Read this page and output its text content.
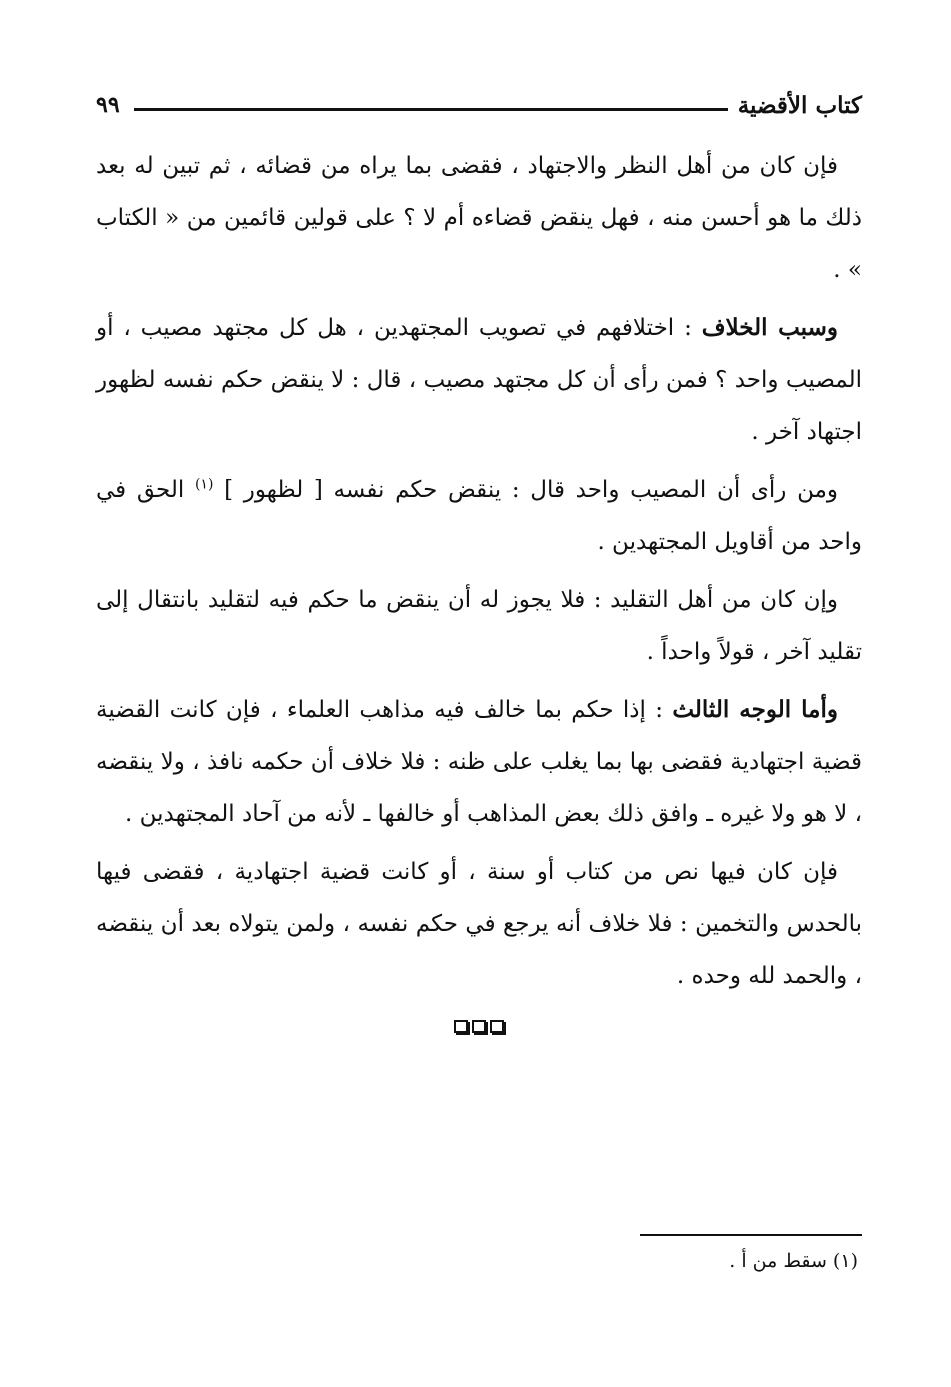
كتاب الأقضية
٩٩

فإن كان من أهل النظر والاجتهاد ، فقضى بما يراه من قضائه ، ثم تبين له بعد ذلك ما هو أحسن منه ، فهل ينقض قضاءه أم لا ؟ على قولين قائمين من « الكتاب » .

وسبب الخلاف : اختلافهم في تصويب المجتهدين ، هل كل مجتهد مصيب ، أو المصيب واحد ؟ فمن رأى أن كل مجتهد مصيب ، قال : لا ينقض حكم نفسه لظهور اجتهاد آخر .

ومن رأى أن المصيب واحد قال : ينقض حكم نفسه [ لظهور ] $^{(١)}$ الحق في واحد من أقاويل المجتهدين .

وإن كان من أهل التقليد : فلا يجوز له أن ينقض ما حكم فيه لتقليد بانتقال إلى تقليد آخر ، قولاً واحداً .

وأما الوجه الثالث : إذا حكم بما خالف فيه مذاهب العلماء ، فإن كانت القضية قضية اجتهادية فقضى بها بما يغلب على ظنه : فلا خلاف أن حكمه نافذ ، ولا ينقضه ، لا هو ولا غيره ـ وافق ذلك بعض المذاهب أو خالفها ـ لأنه من آحاد المجتهدين .

فإن كان فيها نص من كتاب أو سنة ، أو كانت قضية اجتهادية ، فقضى فيها بالحدس والتخمين : فلا خلاف أنه يرجع في حكم نفسه ، ولمن يتولاه بعد أن ينقضه ، والحمد لله وحده .

(١) سقط من أ .
